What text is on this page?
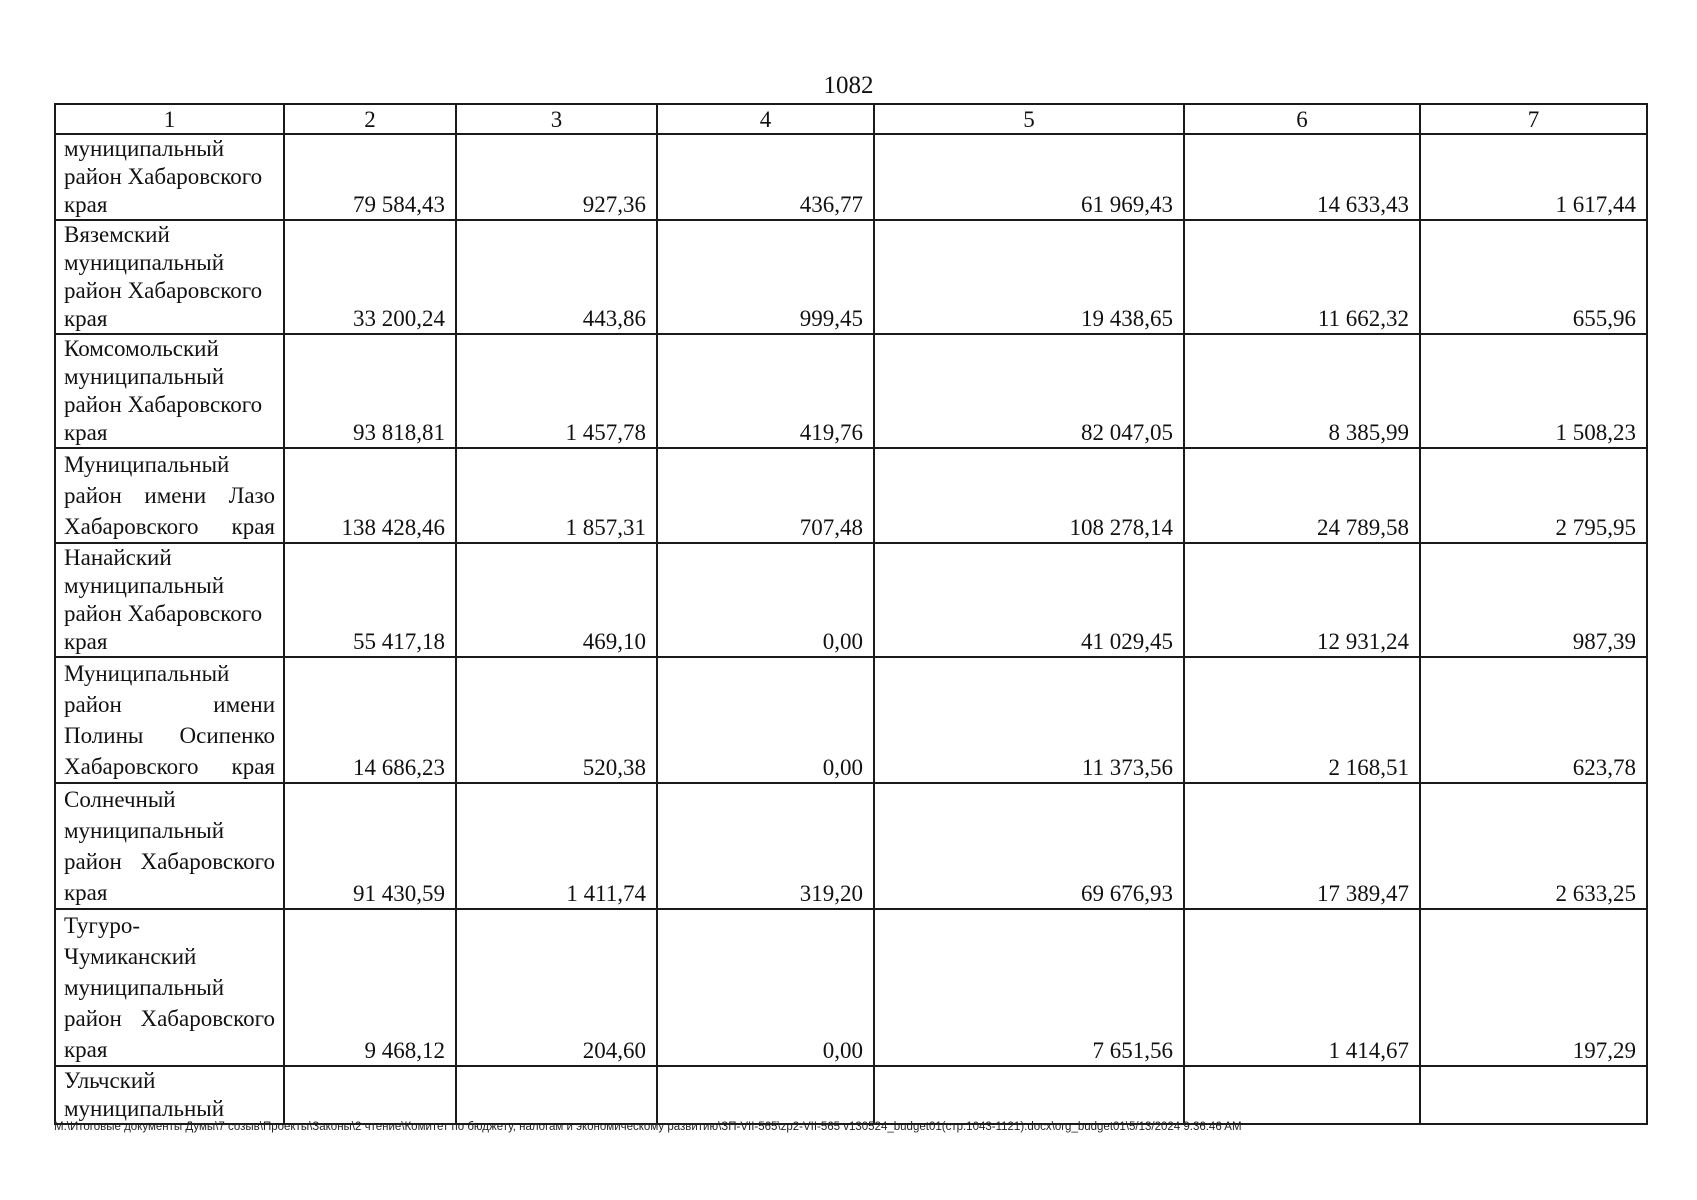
1082
1	2	3	4	5	6	7
муниципальный
район Хабаровского
края	79 584,43	927,36	436,77	61 969,43	14 633,43	1 617,44
Вяземский
муниципальный
район Хабаровского
края	33 200,24	443,86	999,45	19 438,65	11 662,32	655,96
Комсомольский
муниципальный
район Хабаровского
края	93 818,81	1 457,78	419,76	82 047,05	8 385,99	1 508,23
Муниципальный
район имени Лазо
Хабаровского края	138 428,46	1 857,31	707,48	108 278,14	24 789,58	2 795,95
Нанайский
муниципальный
район Хабаровского
края	55 417,18	469,10	0,00	41 029,45	12 931,24	987,39
Муниципальный
район имени
Полины Осипенко
Хабаровского края	14 686,23	520,38	0,00	11 373,56	2 168,51	623,78
Солнечный
муниципальный
район Хабаровского
края	91 430,59	1 411,74	319,20	69 676,93	17 389,47	2 633,25
Тугуро-
Чумиканский
муниципальный
район Хабаровского
края	9 468,12	204,60	0,00	7 651,56	1 414,67	197,29
Ульчский
муниципальный						
M:\Итоговые документы Думы\7 созыв\Проекты\Законы\2 чтение\Комитет по бюджету, налогам и экономическому развитию\ЗП-VII-565\zp2-VII-565 v130524_budget01(стр.1043-1121).docx\org_budget01\5/13/2024 9:36:46 AM
